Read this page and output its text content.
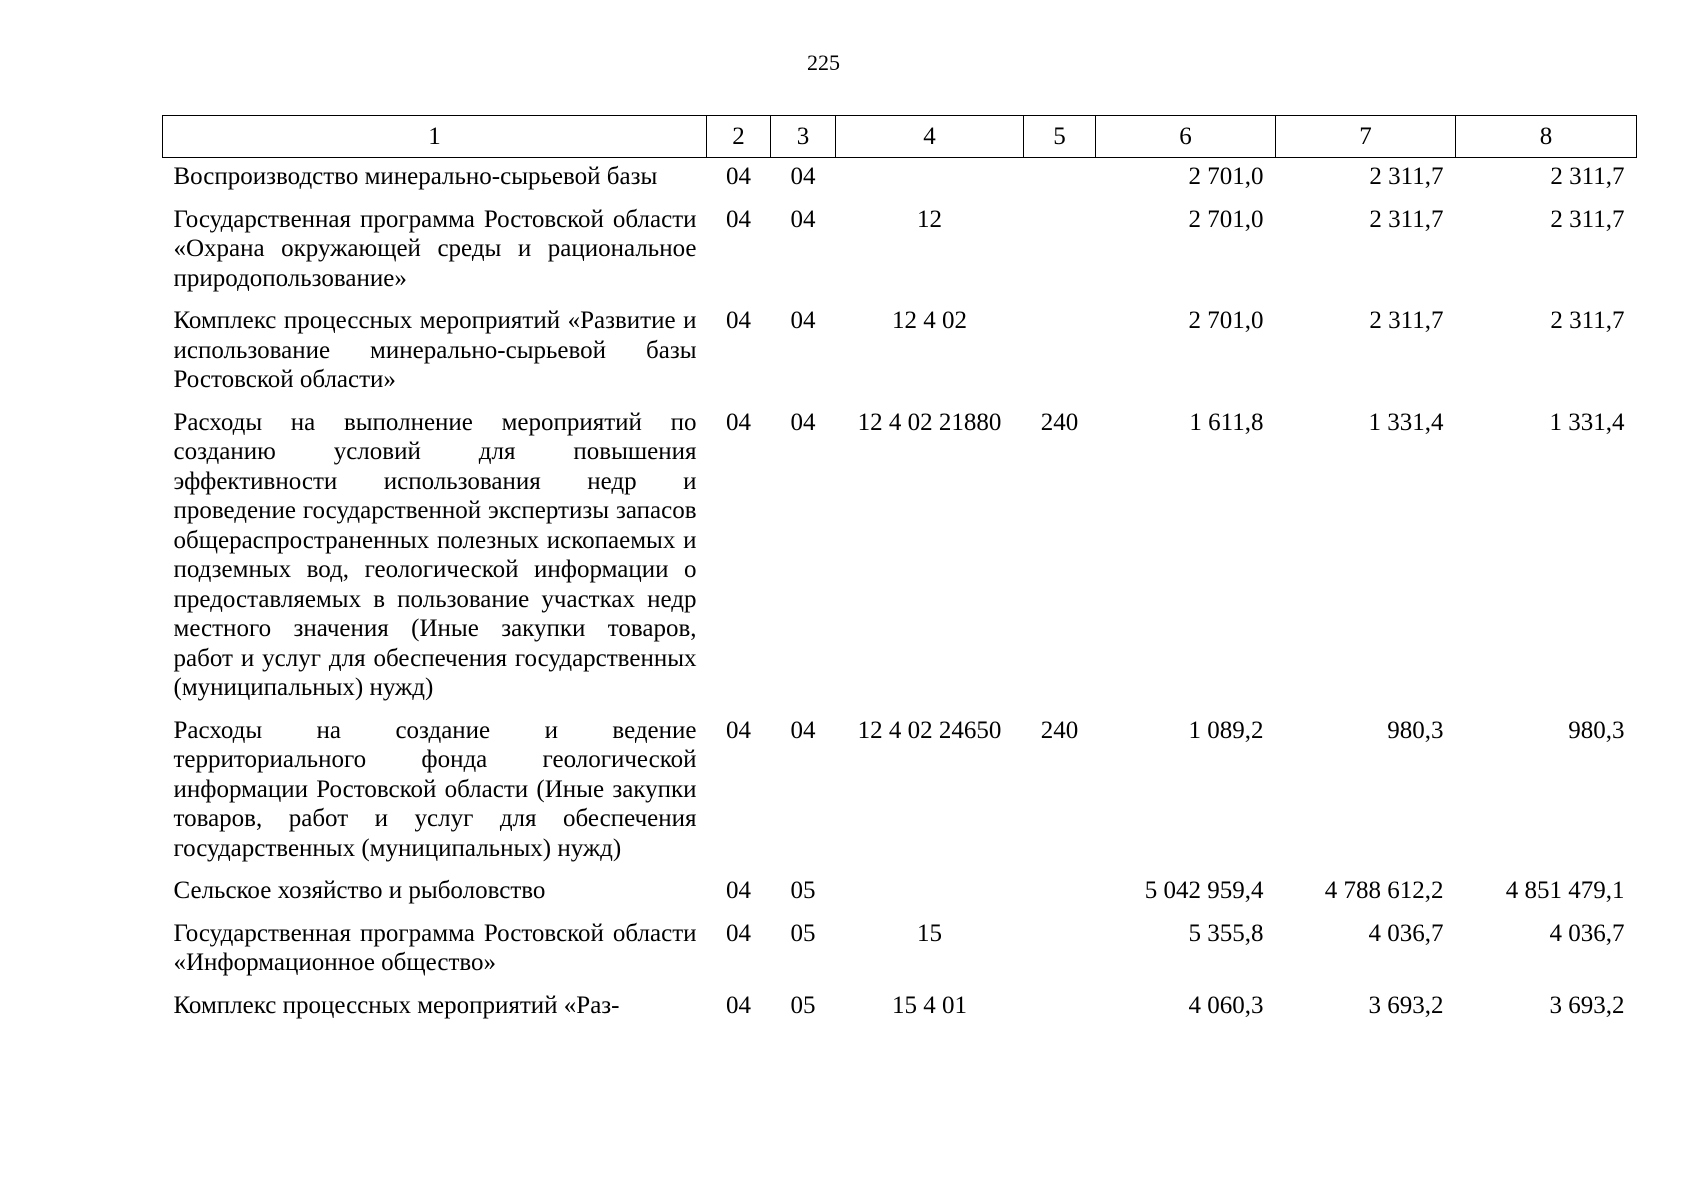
225
1	2	3	4	5	6	7	8
Воспроизводство минерально-сырьевой базы	04	04			2 701,0	2 311,7	2 311,7
Государственная программа Ростовской области «Охрана окружающей среды и рациональное природопользование»	04	04	12		2 701,0	2 311,7	2 311,7
Комплекс процессных мероприятий «Развитие и использование минерально-сырьевой базы Ростовской области»	04	04	12 4 02		2 701,0	2 311,7	2 311,7
Расходы на выполнение мероприятий по созданию условий для повышения эффективности использования недр и проведение государственной экспертизы запасов общераспространенных полезных ископаемых и подземных вод, геологической информации о предоставляемых в пользование участках недр местного значения (Иные закупки товаров, работ и услуг для обеспечения государственных (муниципальных) нужд)	04	04	12 4 02 21880	240	1 611,8	1 331,4	1 331,4
Расходы на создание и ведение территориального фонда геологической информации Ростовской области (Иные закупки товаров, работ и услуг для обеспечения государственных (муниципальных) нужд)	04	04	12 4 02 24650	240	1 089,2	980,3	980,3
Сельское хозяйство и рыболовство	04	05			5 042 959,4	4 788 612,2	4 851 479,1
Государственная программа Ростовской области «Информационное общество»	04	05	15		5 355,8	4 036,7	4 036,7
Комплекс процессных мероприятий «Раз-	04	05	15 4 01		4 060,3	3 693,2	3 693,2
